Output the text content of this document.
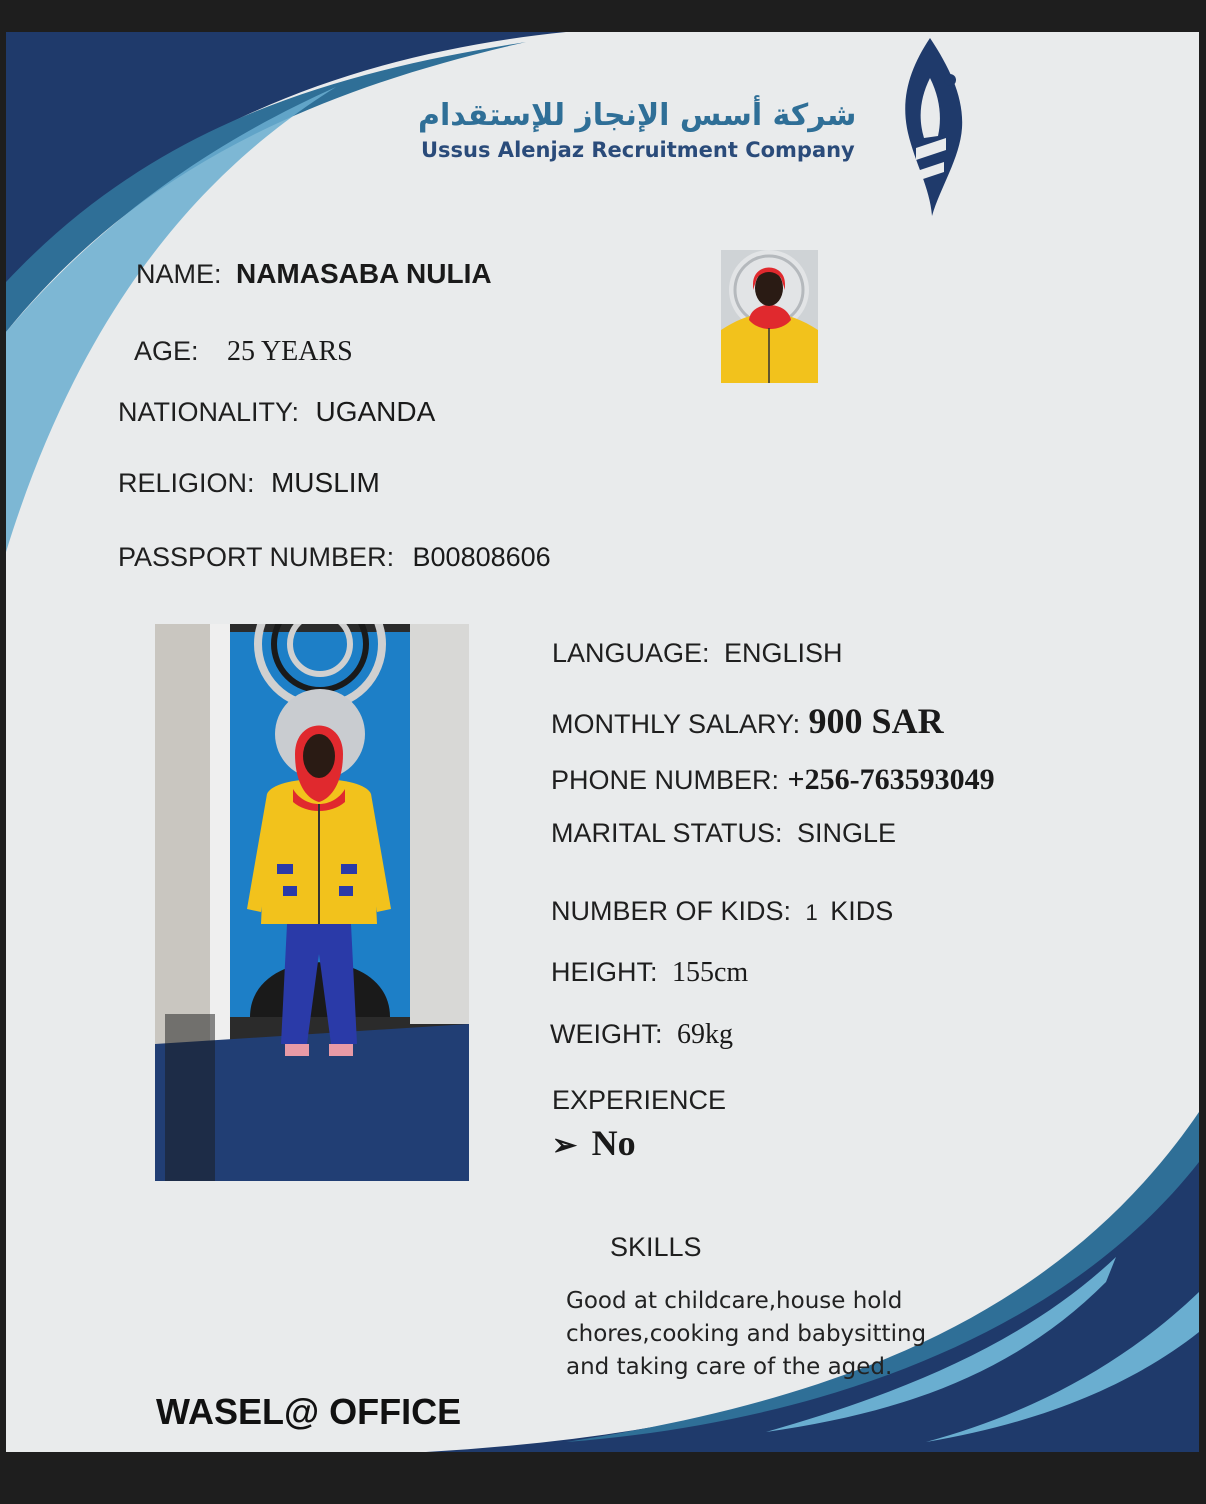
شركة أسس الإنجاز للإستقدام
Ussus Alenjaz Recruitment Company
NAME: NAMASABA NULIA
AGE: 25 YEARS
NATIONALITY: UGANDA
RELIGION: MUSLIM
PASSPORT NUMBER: B00808606
LANGUAGE: ENGLISH
MONTHLY SALARY: 900 SAR
PHONE NUMBER: +256-763593049
MARITAL STATUS: SINGLE
NUMBER OF KIDS: 1 KIDS
HEIGHT: 155cm
WEIGHT: 69kg
EXPERIENCE
➢ No
SKILLS
Good at childcare,house hold chores,cooking and babysitting and taking care of the aged.
WASEL@ OFFICE
